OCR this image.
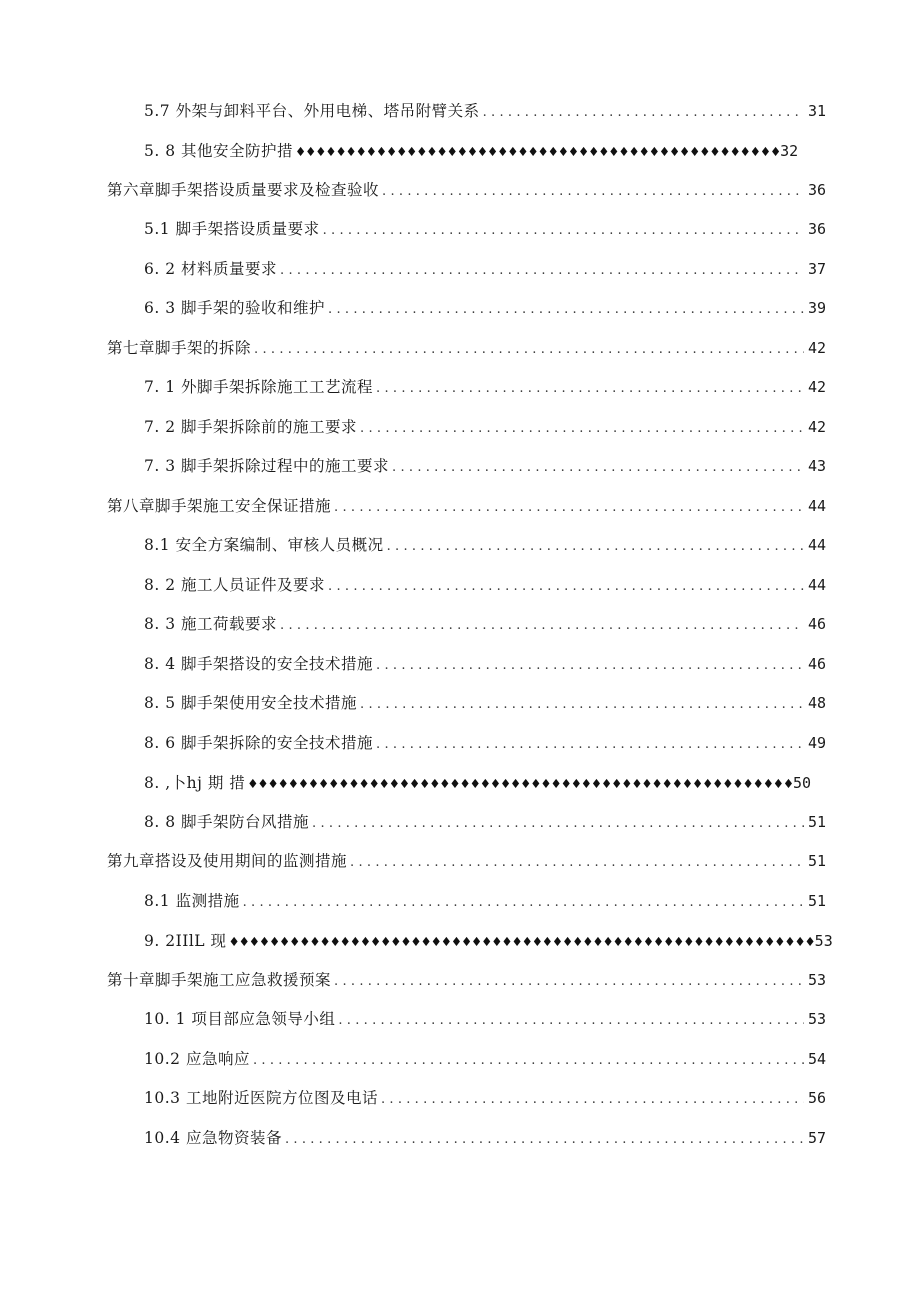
5.7 外架与卸料平台、外用电梯、塔吊附臂关系 .....	31
5. 8 其他安全防护措 ♦♦♦♦♦♦♦♦♦♦♦♦♦♦♦♦♦♦♦♦♦♦♦♦♦♦♦♦♦♦♦♦♦♦♦♦♦♦♦♦♦♦♦♦♦♦♦♦ 32
第六章脚手架搭设质量要求及检查验收 .....	36
5.1 脚手架搭设质量要求 .....	36
6. 2 材料质量要求 .....	37
6. 3 脚手架的验收和维护 .....	39
第七章脚手架的拆除 .....	42
7. 1 外脚手架拆除施工工艺流程 .....	42
7. 2 脚手架拆除前的施工要求 .....	42
7. 3 脚手架拆除过程中的施工要求 .....	43
第八章脚手架施工安全保证措施 .....	44
8.1 安全方案编制、审核人员概况 .....	44
8. 2 施工人员证件及要求 .....	44
8. 3 施工荷载要求 .....	46
8. 4 脚手架搭设的安全技术措施 .....	46
8. 5 脚手架使用安全技术措施 .....	48
8. 6 脚手架拆除的安全技术措施 .....	49
8. ,卜hj 期 措 ♦♦♦♦♦♦♦♦♦♦♦♦♦♦♦♦♦♦♦♦♦♦♦♦♦♦♦♦♦♦♦♦♦♦♦♦♦♦♦♦♦♦♦♦♦♦♦♦♦♦♦♦♦♦ 50
8. 8 脚手架防台风措施 .....	51
第九章搭设及使用期间的监测措施 .....	51
8.1 监测措施 .....	51
9. 2IIlL 现 ♦♦♦♦♦♦♦♦♦♦♦♦♦♦♦♦♦♦♦♦♦♦♦♦♦♦♦♦♦♦♦♦♦♦♦♦♦♦♦♦♦♦♦♦♦♦♦♦♦♦♦♦♦♦♦♦♦♦ 53
第十章脚手架施工应急救援预案 .....	53
10. 1 项目部应急领导小组 .....	53
10.2 应急响应 .....	54
10.3 工地附近医院方位图及电话 .....	56
10.4 应急物资装备 .....	57
